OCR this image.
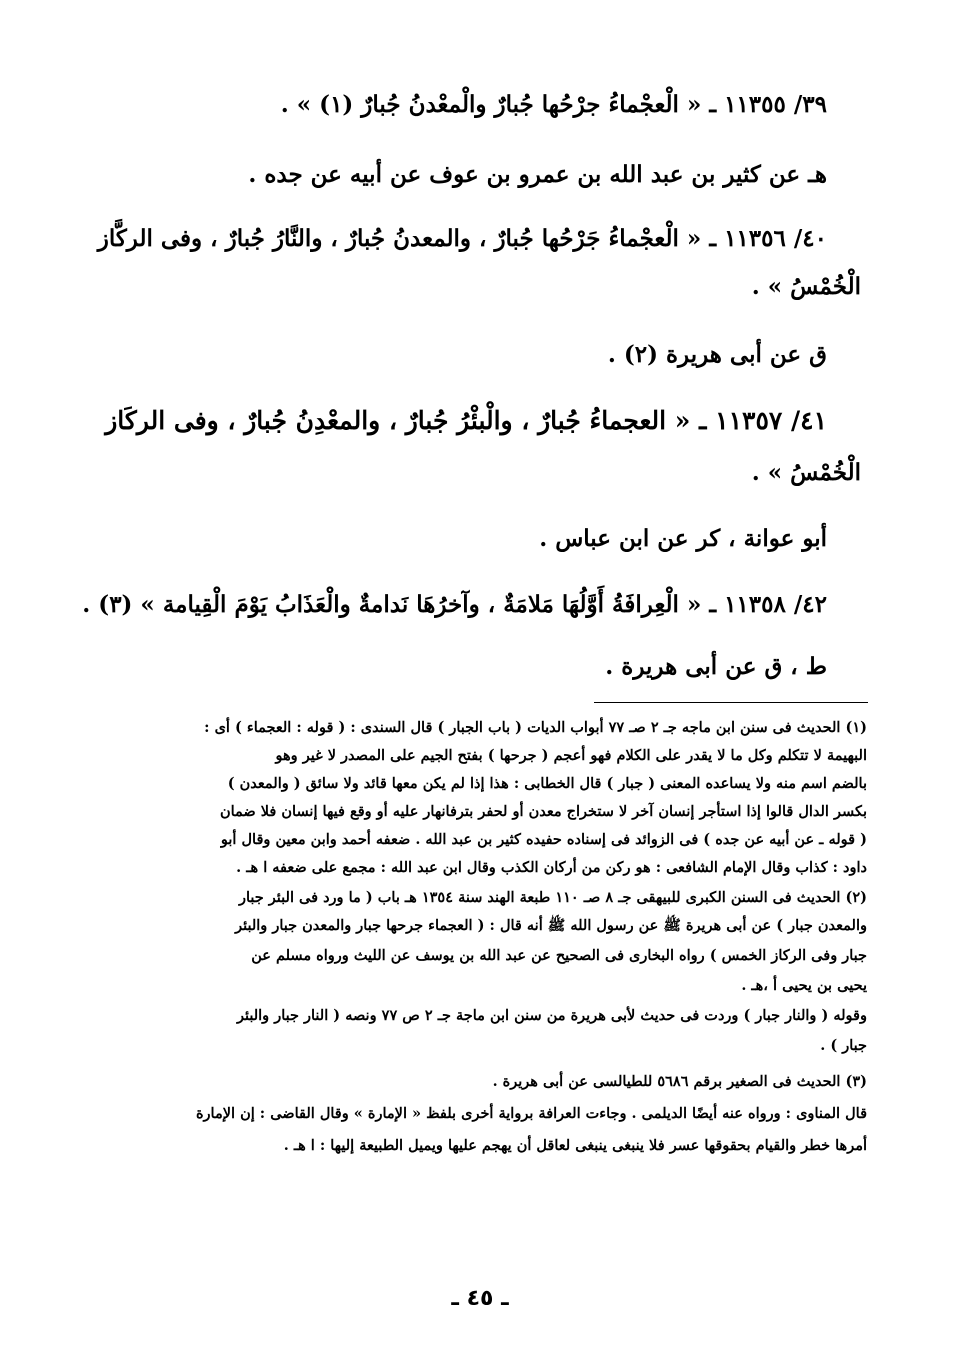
٣٩/ ١١٣٥٥ ـ « الْعجْماءُ جرْحُها جُبارٌ والْمعْدنُ جُبارٌ (١) » .
هـ عن كثير بن عبد الله بن عمرو بن عوف عن أبيه عن جده .
٤٠/ ١١٣٥٦ ـ « الْعجْماءُ جَرْحُها جُبارٌ ، والمعدنُ جُبارٌ ، والنَّارُ جُبارٌ ، وفى الركَّاز
الْخُمْسُ » .
ق عن أبى هريرة (٢) .
٤١/ ١١٣٥٧ ـ « العجماءُ جُبارٌ ، والْبئْرُ جُبارٌ ، والمعْدِنُ جُبارٌ ، وفى الركَاز
الْخُمْسُ » .
أبو عوانة ، كر عن ابن عباس .
٤٢/ ١١٣٥٨ ـ « الْعِرافَةُ أَوَّلُهَا مَلامَةٌ ، وآخرُهَا نَدامةٌ والْعَذَابُ يَوْمَ الْقِيامة » (٣) .
ط ، ق عن أبى هريرة .
(١) الحديث فى سنن ابن ماجه جـ ٢ صـ ٧٧ أبواب الديات ( باب الجبار ) قال السندى : ( قوله : العجماء ) أى :
البهيمة لا تتكلم وكل ما لا يقدر على الكلام فهو أعجم ( جرحها ) بفتح الجيم على المصدر لا غير وهو
بالضم اسم منه ولا يساعده المعنى ( جبار ) قال الخطابى : هذا إذا لم يكن معها قائد ولا سائق ( والمعدن )
بكسر الدال قالوا إذا استأجر إنسان آخر لا ستخراج معدن أو لحفر بترفانهار عليه أو وقع فيها إنسان فلا ضمان
( قوله ـ عن أبيه عن جده ) فى الزوائد فى إسناده حفيده كثير بن عبد الله . ضعفه أحمد وابن معين وقال أبو
داود : كذاب وقال الإمام الشافعى : هو ركن من أركان الكذب وقال ابن عبد الله : مجمع على ضعفه ا هـ .
(٢) الحديث فى السنن الكبرى للبيهقى جـ ٨ صـ ١١٠ طبعة الهند سنة ١٣٥٤ هـ باب ( ما ورد فى البئر جبار
والمعدن جبار ) عن أبى هريرة ﷺ عن رسول الله ﷺ أنه قال : ( العجماء جرحها جبار والمعدن جبار والبئر
جبار وفى الركاز الخمس ) رواه البخارى فى الصحيح عن عبد الله بن يوسف عن الليث ورواه مسلم عن
يحيى بن يحيى أ ،هـ .
وقوله ( والنار جبار ) وردت فى حديث لأبى هريرة من سنن ابن ماجة جـ ٢ ص ٧٧ ونصه ( النار جبار والبئر
جبار ) .
(٣) الحديث فى الصغير برقم ٥٦٨٦ للطيالسى عن أبى هريرة .
قال المناوى : ورواه عنه أيضًا الديلمى . وجاءت العرافة برواية أخرى بلفظ « الإمارة » وقال القاضى : إن الإمارة
أمرها خطر والقيام بحقوقها عسر فلا ينبغى ينبغى لعاقل أن يهجم عليها ويميل الطبيعة إليها : ا هـ .
ـ ٤٥ ـ
